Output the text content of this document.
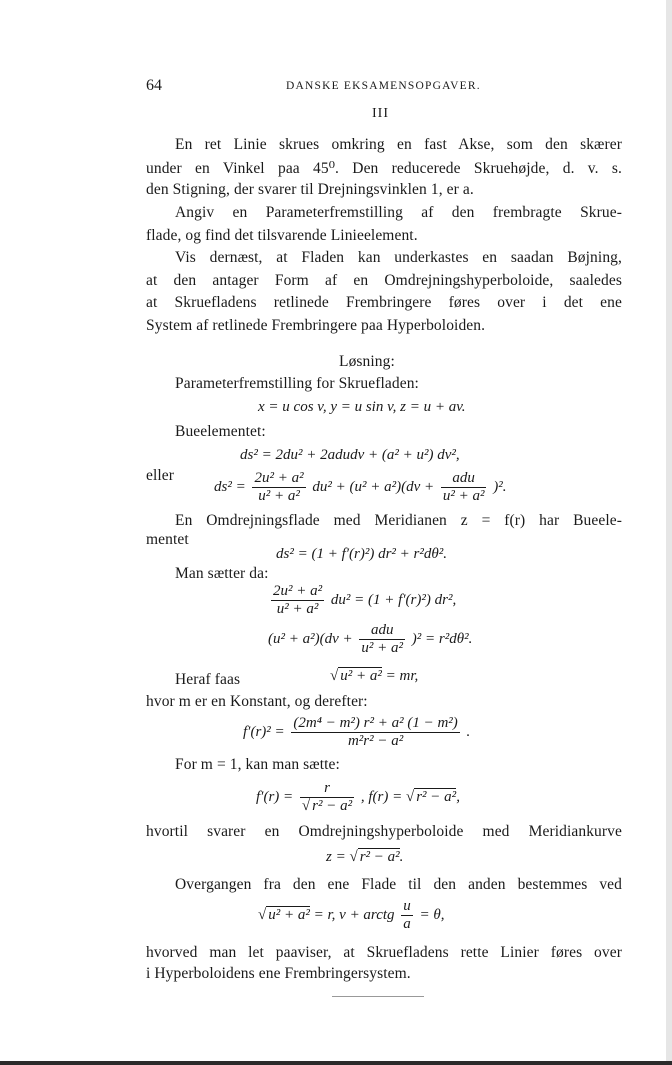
64	DANSKE EKSAMENSOPGAVER.
III
En ret Linie skrues omkring en fast Akse, som den skærer
under en Vinkel paa 45⁰. Den reducerede Skruehøjde, d. v. s.
den Stigning, der svarer til Drejningsvinklen 1, er a.
Angiv en Parameterfremstilling af den frembragte Skrue-
flade, og find det tilsvarende Linieelement.
Vis dernæst, at Fladen kan underkastes en saadan Bøjning,
at den antager Form af en Omdrejningshyperboloide, saaledes
at Skruefladens retlinede Frembringere føres over i det ene
System af retlinede Frembringere paa Hyperboloiden.
Løsning:
Parameterfremstilling for Skruefladen:
x = u cos v, y = u sin v, z = u + av.
Bueelementet:
ds² = 2du² + 2adudv + (a² + u²) dv²,
eller
$ds^2 = \frac{\text{2u² + a²}}{\text{u² + a²}} du^2 + (u^2 + a^2)(dv + \frac{\text{adu}}{\text{u² + a²}} )^2$.
En Omdrejningsflade med Meridianen z = f(r) har Bueele-
mentet
ds² = (1 + f′(r)²) dr² + r²dθ².
Man sætter da:
$\frac{\text{2u² + a²}}{\text{u² + a²}} du^2 = (1 + f'(r)^2)$ dr²,
$(u^2 + a^2)(dv + \frac{\text{adu}}{\text{u² + a²}} )^2 = r^2d\theta^2$.
Heraf faas	√ u² + a² = mr,
hvor m er en Konstant, og derefter:
$f'(r)^2 = \frac{\text{(2m⁴ − m²) r² + a² (1 − m²)}}{\text{m²r² − a²}}$ .
For m = 1, kan man sætte:
$f'(r) = \frac{r}{\text{√ r² − a²}}$ , f(r) = √ r² − a²,
hvortil svarer en Omdrejningshyperboloide med Meridiankurve
z = √ r² − a².
Overgangen fra den ene Flade til den anden bestemmes ved
√ u² + a² = r, v + arctg $\frac{u}{a} = \theta$,
hvorved man let paaviser, at Skruefladens rette Linier føres over
i Hyperboloidens ene Frembringersystem.
